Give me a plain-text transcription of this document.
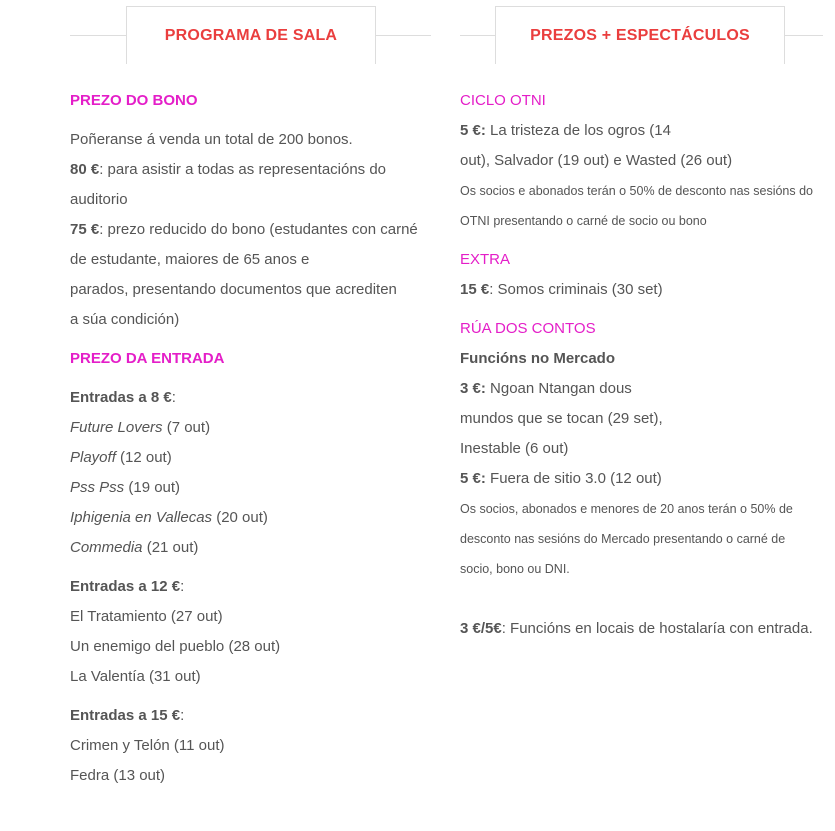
PROGRAMA DE SALA	PREZOS + ESPECTÁCULOS

PREZO DO BONO

Poñeranse á venda un total de 200 bonos.

80 €: para asistir a todas as representacións do

auditorio

75 €: prezo reducido do bono (estudantes con carné

de estudante, maiores de 65 anos e

parados, presentando documentos que acrediten

a súa condición)

PREZO DA ENTRADA

Entradas a 8 €:

Future Lovers (7 out)

Playoff (12 out)

Pss Pss (19 out)

Iphigenia en Vallecas (20 out)

Commedia (21 out)

Entradas a 12 €:

El Tratamiento (27 out)

Un enemigo del pueblo (28 out)

La Valentía (31 out)

Entradas a 15 €:

Crimen y Telón (11 out)

Fedra (13 out)

CICLO OTNI

5 €: La tristeza de los ogros (14

out), Salvador (19 out) e Wasted (26 out)

Os socios e abonados terán o 50% de desconto nas sesións do

OTNI presentando o carné de socio ou bono

EXTRA

15 €: Somos criminais (30 set)

RÚA DOS CONTOS

Funcións no Mercado

3 €: Ngoan Ntangan dous

mundos que se tocan (29 set),

Inestable (6 out)

5 €: Fuera de sitio 3.0 (12 out)

Os socios, abonados e menores de 20 anos terán o 50% de

desconto nas sesións do Mercado presentando o carné de

socio, bono ou DNI.

3 €/5€: Funcións en locais de hostalaría con entrada.
